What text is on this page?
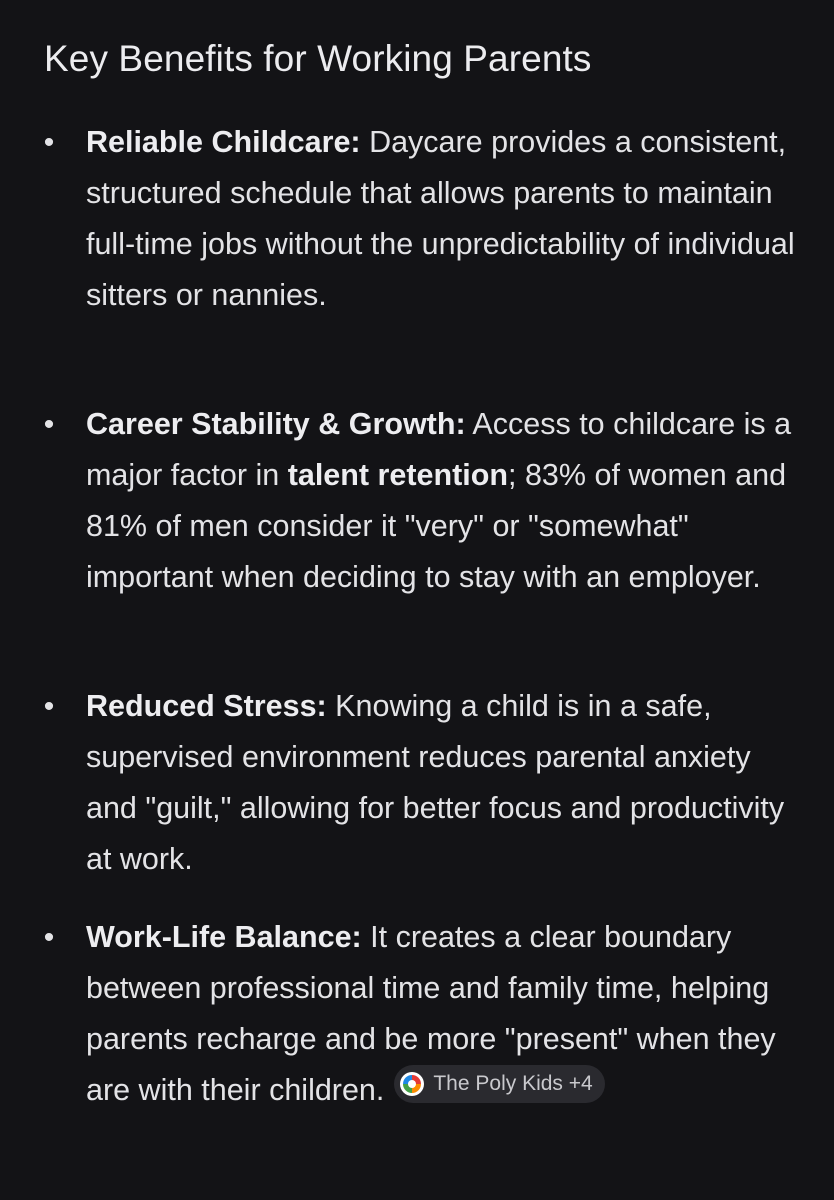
Key Benefits for Working Parents
• Reliable Childcare: Daycare provides a consistent, structured schedule that allows parents to maintain full-time jobs without the unpredictability of individual sitters or nannies.
• Career Stability & Growth: Access to childcare is a major factor in talent retention; 83% of women and 81% of men consider it "very" or "somewhat" important when deciding to stay with an employer.
• Reduced Stress: Knowing a child is in a safe, supervised environment reduces parental anxiety and "guilt," allowing for better focus and productivity at work.
• Work-Life Balance: It creates a clear boundary between professional time and family time, helping parents recharge and be more "present" when they are with their children. The Poly Kids +4
